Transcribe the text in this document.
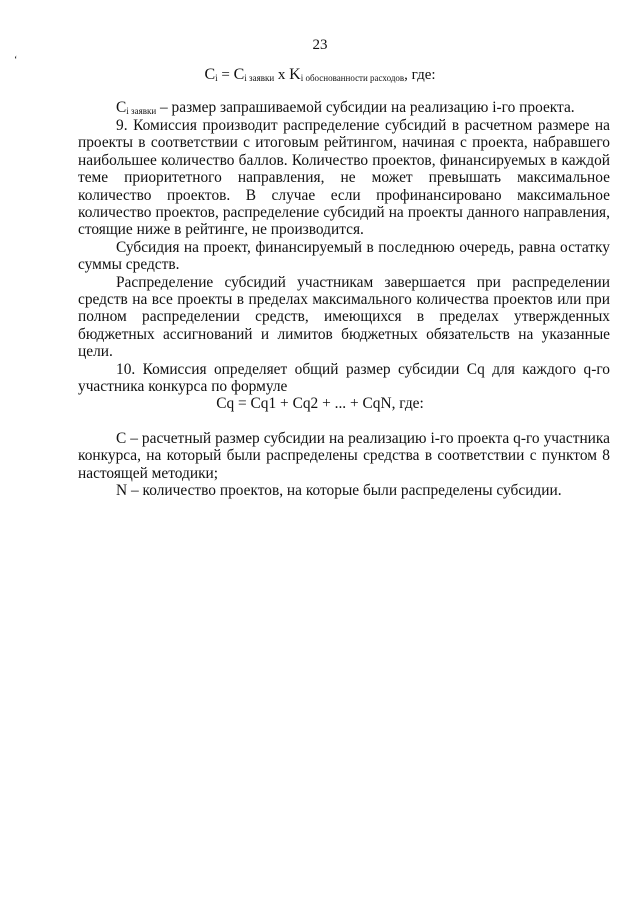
‘
23
$C_i = C_{i заявки}$ x $K_{i обоснованности расходов}$, где:

Ci заявки – размер запрашиваемой субсидии на реализацию i-го проекта.

9. Комиссия производит распределение субсидий в расчетном размере на проекты в соответствии с итоговым рейтингом, начиная с проекта, набравшего наибольшее количество баллов. Количество проектов, финансируемых в каждой теме приоритетного направления, не может превышать максимальное количество проектов. В случае если профинансировано максимальное количество проектов, распределение субсидий на проекты данного направления, стоящие ниже в рейтинге, не производится.

Субсидия на проект, финансируемый в последнюю очередь, равна остатку суммы средств.

Распределение субсидий участникам завершается при распределении средств на все проекты в пределах максимального количества проектов или при полном распределении средств, имеющихся в пределах утвержденных бюджетных ассигнований и лимитов бюджетных обязательств на указанные цели.

10. Комиссия определяет общий размер субсидии Cq для каждого q-го участника конкурса по формуле

Cq = Cq1 + Cq2 + ... + CqN, где:

C – расчетный размер субсидии на реализацию i-го проекта q-го участника конкурса, на который были распределены средства в соответствии с пунктом 8 настоящей методики;

N – количество проектов, на которые были распределены субсидии.
